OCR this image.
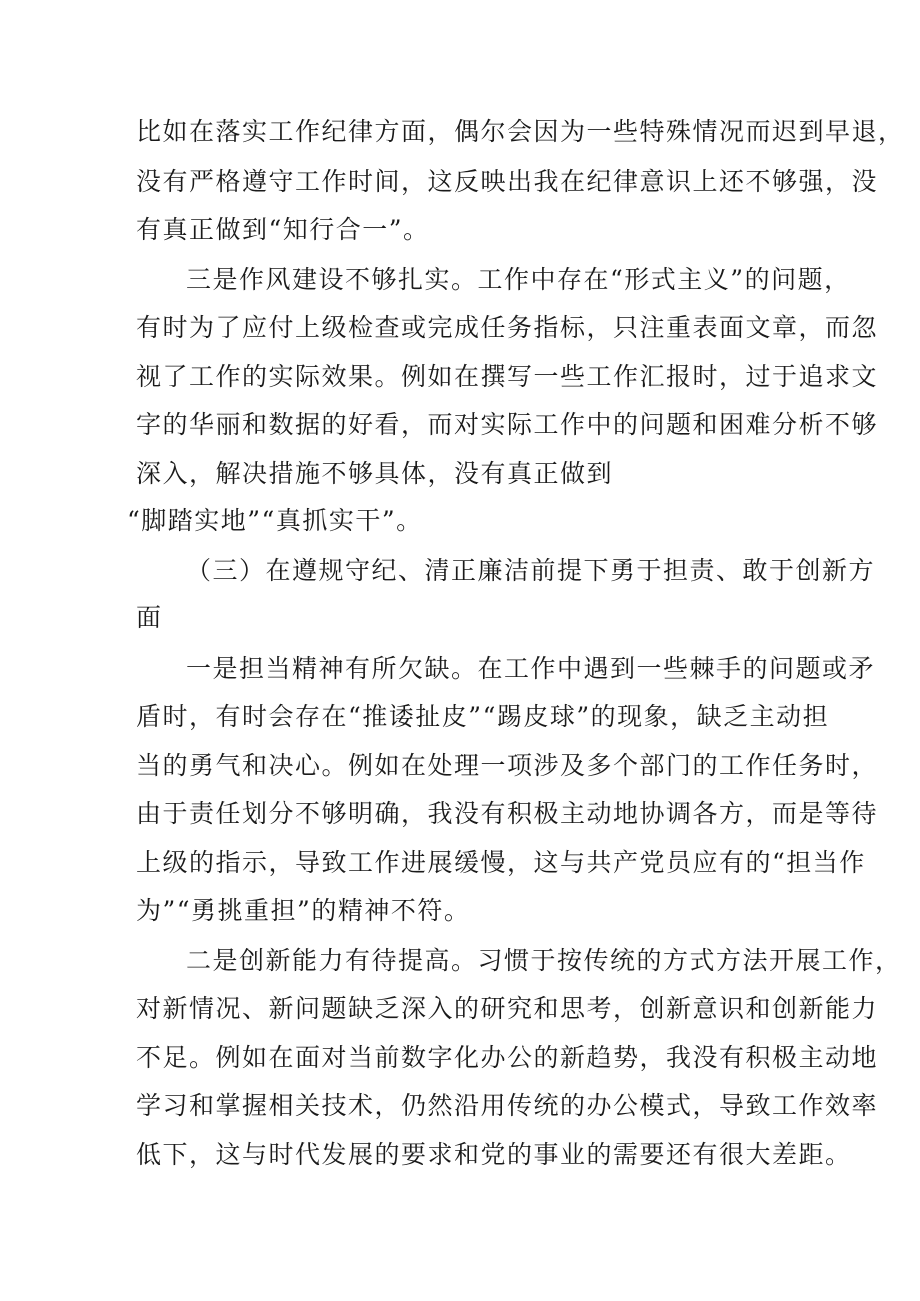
比如在落实工作纪律方面，偶尔会因为一些特殊情况而迟到早退，
没有严格遵守工作时间，这反映出我在纪律意识上还不够强，没
有真正做到“知行合一”。
三是作风建设不够扎实。工作中存在“形式主义”的问题，
有时为了应付上级检查或完成任务指标，只注重表面文章，而忽
视了工作的实际效果。例如在撰写一些工作汇报时，过于追求文
字的华丽和数据的好看，而对实际工作中的问题和困难分析不够
深入，解决措施不够具体，没有真正做到
“脚踏实地”“真抓实干”。
（三）在遵规守纪、清正廉洁前提下勇于担责、敢于创新方
面
一是担当精神有所欠缺。在工作中遇到一些棘手的问题或矛
盾时，有时会存在“推诿扯皮”“踢皮球”的现象，缺乏主动担
当的勇气和决心。例如在处理一项涉及多个部门的工作任务时，
由于责任划分不够明确，我没有积极主动地协调各方，而是等待
上级的指示，导致工作进展缓慢，这与共产党员应有的“担当作
为”“勇挑重担”的精神不符。
二是创新能力有待提高。习惯于按传统的方式方法开展工作，
对新情况、新问题缺乏深入的研究和思考，创新意识和创新能力
不足。例如在面对当前数字化办公的新趋势，我没有积极主动地
学习和掌握相关技术，仍然沿用传统的办公模式，导致工作效率
低下，这与时代发展的要求和党的事业的需要还有很大差距。
